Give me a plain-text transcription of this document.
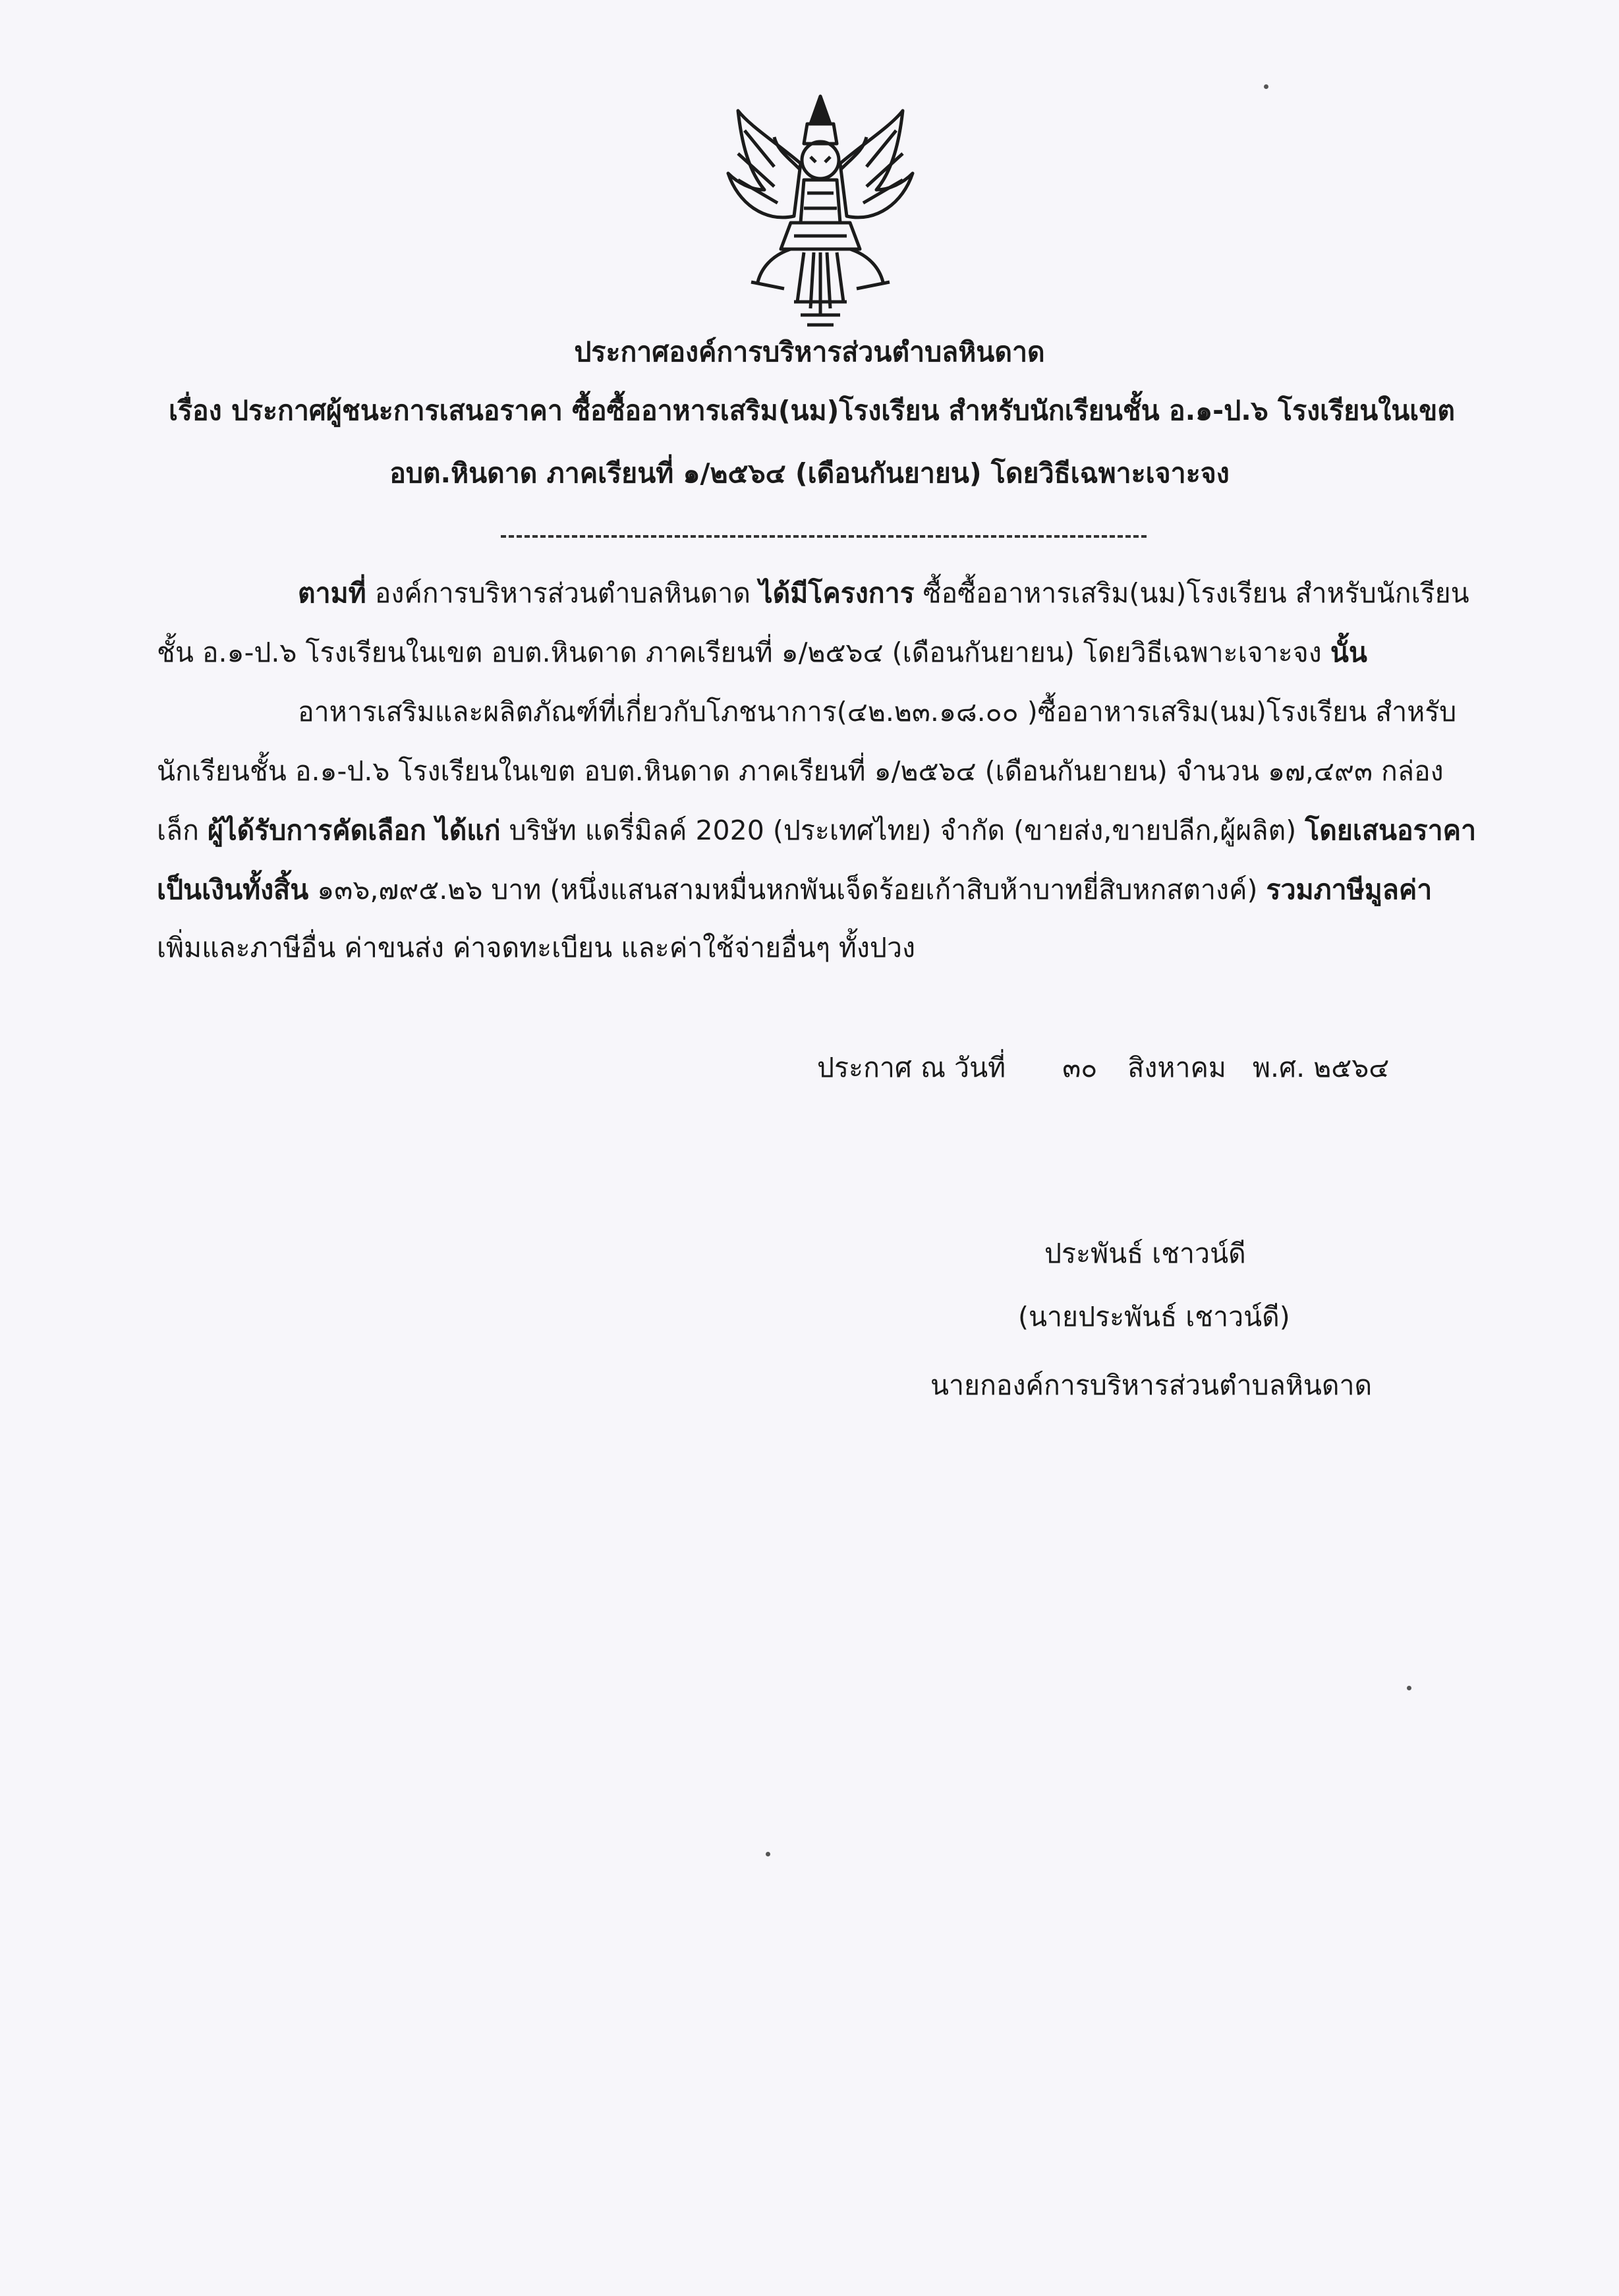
ประกาศองค์การบริหารส่วนตำบลหินดาด
เรื่อง ประกาศผู้ชนะการเสนอราคา ซื้อซื้ออาหารเสริม(นม)โรงเรียน สำหรับนักเรียนชั้น อ.๑-ป.๖ โรงเรียนในเขต
อบต.หินดาด ภาคเรียนที่ ๑/๒๕๖๔ (เดือนกันยายน) โดยวิธีเฉพาะเจาะจง
ตามที่ องค์การบริหารส่วนตำบลหินดาด ได้มีโครงการ ซื้อซื้ออาหารเสริม(นม)โรงเรียน สำหรับนักเรียน
ชั้น อ.๑-ป.๖ โรงเรียนในเขต อบต.หินดาด ภาคเรียนที่ ๑/๒๕๖๔ (เดือนกันยายน) โดยวิธีเฉพาะเจาะจง นั้น
อาหารเสริมและผลิตภัณฑ์ที่เกี่ยวกับโภชนาการ(๔๒.๒๓.๑๘.๐๐ )ซื้ออาหารเสริม(นม)โรงเรียน สำหรับ
นักเรียนชั้น อ.๑-ป.๖ โรงเรียนในเขต อบต.หินดาด ภาคเรียนที่ ๑/๒๕๖๔ (เดือนกันยายน) จำนวน ๑๗,๔๙๓ กล่อง
เล็ก ผู้ได้รับการคัดเลือก ได้แก่ บริษัท แดรี่มิลค์ 2020 (ประเทศไทย) จำกัด (ขายส่ง,ขายปลีก,ผู้ผลิต) โดยเสนอราคา
เป็นเงินทั้งสิ้น ๑๓๖,๗๙๕.๒๖ บาท (หนึ่งแสนสามหมื่นหกพันเจ็ดร้อยเก้าสิบห้าบาทยี่สิบหกสตางค์) รวมภาษีมูลค่า
เพิ่มและภาษีอื่น ค่าขนส่ง ค่าจดทะเบียน และค่าใช้จ่ายอื่นๆ ทั้งปวง
ประกาศ ณ วันที่ ๓๐ สิงหาคม พ.ศ. ๒๕๖๔
ประพันธ์ เชาวน์ดี
(นายประพันธ์ เชาวน์ดี)
นายกองค์การบริหารส่วนตำบลหินดาด
